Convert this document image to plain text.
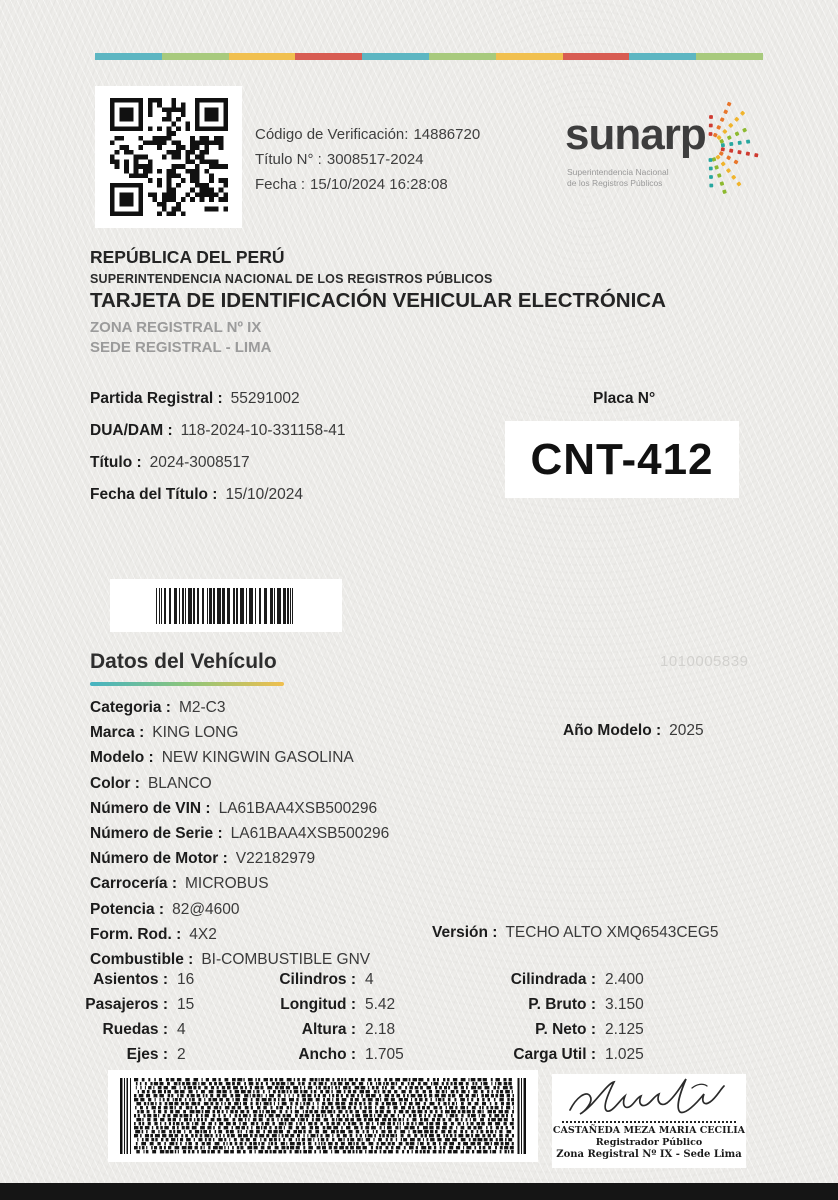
Código de Verificación: 14886720
Título N° : 3008517-2024
Fecha : 15/10/2024 16:28:08
sunarp
Superintendencia Nacional
de los Registros Públicos
REPÚBLICA DEL PERÚ
SUPERINTENDENCIA NACIONAL DE LOS REGISTROS PÚBLICOS
TARJETA DE IDENTIFICACIÓN VEHICULAR ELECTRÓNICA
ZONA REGISTRAL Nº IX
SEDE REGISTRAL - LIMA
Partida Registral : 55291002
DUA/DAM : 118-2024-10-331158-41
Título : 2024-3008517
Fecha del Título : 15/10/2024
Placa N°
CNT-412
Datos del Vehículo	1010005839
Categoria : M2-C3
Marca : KING LONG
Modelo : NEW KINGWIN GASOLINA
Color : BLANCO
Número de VIN : LA61BAA4XSB500296
Número de Serie : LA61BAA4XSB500296
Número de Motor : V22182979
Carrocería : MICROBUS
Potencia : 82@4600
Form. Rod. : 4X2
Combustible : BI-COMBUSTIBLE GNV
Año Modelo : 2025
Versión : TECHO ALTO XMQ6543CEG5
Asientos : 16
Pasajeros : 15
Ruedas : 4
Ejes : 2
Cilindros : 4
Longitud : 5.42
Altura : 2.18
Ancho : 1.705
Cilindrada : 2.400
P. Bruto : 3.150
P. Neto : 2.125
Carga Util : 1.025
CASTAÑEDA MEZA MARIA CECILIA
Registrador Público
Zona Registral Nº IX - Sede Lima
